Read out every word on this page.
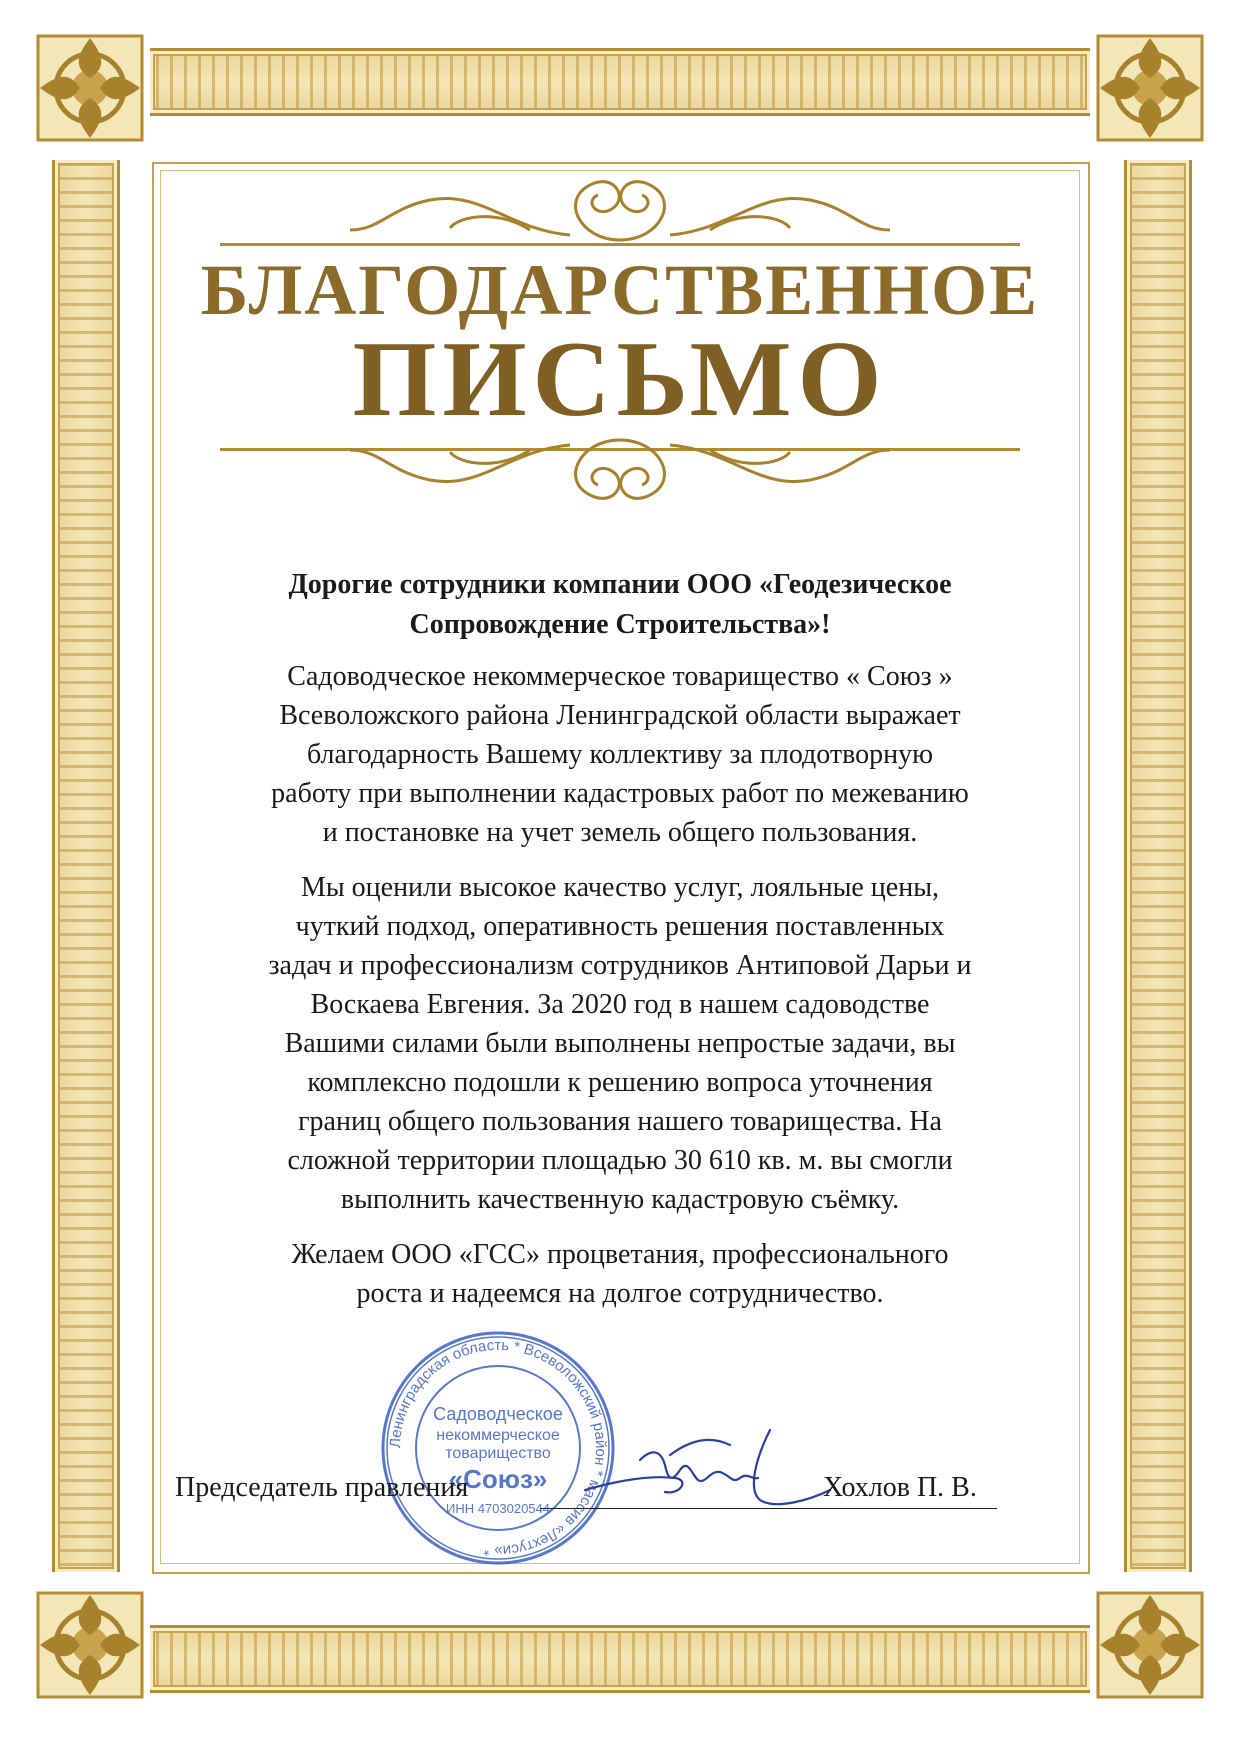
БЛАГОДАРСТВЕННОЕ
ПИСЬМО
Дорогие сотрудники компании ООО «Геодезическое
Сопровождение Строительства»!
Садоводческое некоммерческое товарищество « Союз »
Всеволожского района Ленинградской области выражает
благодарность Вашему коллективу за плодотворную
работу при выполнении кадастровых работ по межеванию
и постановке на учет земель общего пользования.
Мы оценили высокое качество услуг, лояльные цены,
чуткий подход, оперативность решения поставленных
задач и профессионализм сотрудников Антиповой Дарьи и
Воскаева Евгения. За 2020 год в нашем садоводстве
Вашими силами были выполнены непростые задачи, вы
комплексно подошли к решению вопроса уточнения
границ общего пользования нашего товарищества. На
сложной территории площадью 30 610 кв. м. вы смогли
выполнить качественную кадастровую съёмку.
Желаем ООО «ГСС» процветания, профессионального
роста и надеемся на долгое сотрудничество.
Ленинградская область * Всеволожский район * массив «Лехтуси» *
Садоводческое
некоммерческое
товарищество
«Союз»
ИНН 4703020544
Председатель правления	Хохлов П. В.
